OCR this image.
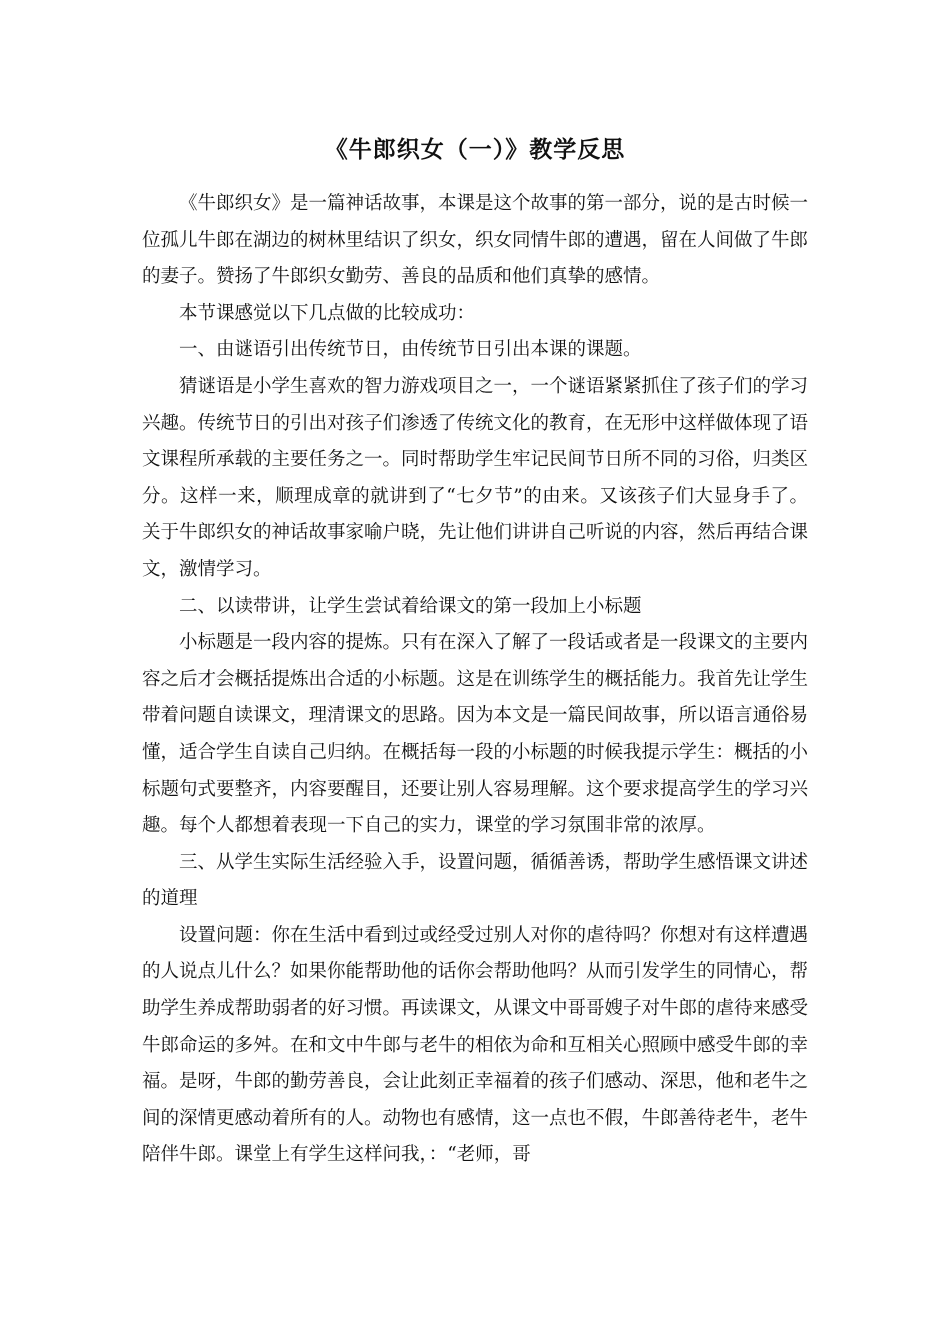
《牛郎织女（一）》教学反思

《牛郎织女》是一篇神话故事，本课是这个故事的第一部分，说的是古时候一位孤儿牛郎在湖边的树林里结识了织女，织女同情牛郎的遭遇，留在人间做了牛郎的妻子。赞扬了牛郎织女勤劳、善良的品质和他们真挚的感情。

本节课感觉以下几点做的比较成功：

一、由谜语引出传统节日，由传统节日引出本课的课题。

猜谜语是小学生喜欢的智力游戏项目之一，一个谜语紧紧抓住了孩子们的学习兴趣。传统节日的引出对孩子们渗透了传统文化的教育，在无形中这样做体现了语文课程所承载的主要任务之一。同时帮助学生牢记民间节日所不同的习俗，归类区分。这样一来，顺理成章的就讲到了“七夕节”的由来。又该孩子们大显身手了。关于牛郎织女的神话故事家喻户晓，先让他们讲讲自己听说的内容，然后再结合课文，激情学习。

二、以读带讲，让学生尝试着给课文的第一段加上小标题

小标题是一段内容的提炼。只有在深入了解了一段话或者是一段课文的主要内容之后才会概括提炼出合适的小标题。这是在训练学生的概括能力。我首先让学生带着问题自读课文，理清课文的思路。因为本文是一篇民间故事，所以语言通俗易懂，适合学生自读自己归纳。在概括每一段的小标题的时候我提示学生：概括的小标题句式要整齐，内容要醒目，还要让别人容易理解。这个要求提高学生的学习兴趣。每个人都想着表现一下自己的实力，课堂的学习氛围非常的浓厚。

三、从学生实际生活经验入手，设置问题，循循善诱，帮助学生感悟课文讲述的道理

设置问题：你在生活中看到过或经受过别人对你的虐待吗？你想对有这样遭遇的人说点儿什么？如果你能帮助他的话你会帮助他吗？从而引发学生的同情心，帮助学生养成帮助弱者的好习惯。再读课文，从课文中哥哥嫂子对牛郎的虐待来感受牛郎命运的多舛。在和文中牛郎与老牛的相依为命和互相关心照顾中感受牛郎的幸福。是呀，牛郎的勤劳善良，会让此刻正幸福着的孩子们感动、深思，他和老牛之间的深情更感动着所有的人。动物也有感情，这一点也不假，牛郎善待老牛，老牛陪伴牛郎。课堂上有学生这样问我，：“老师，哥
